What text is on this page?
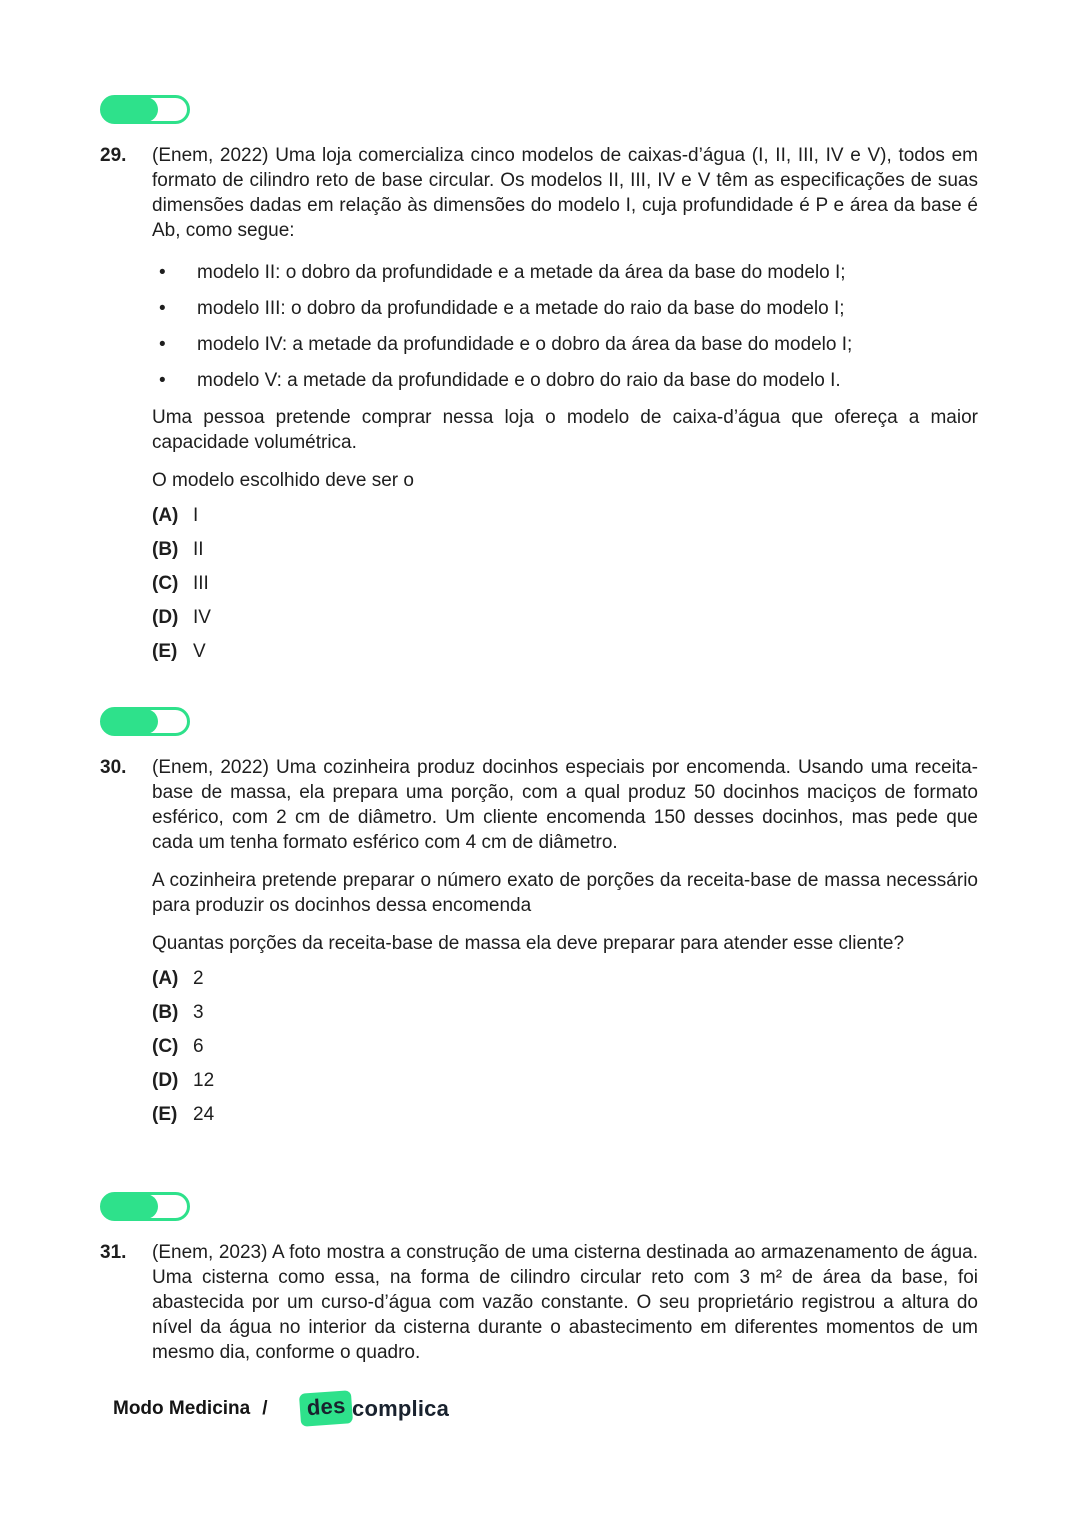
29.	(Enem, 2022) Uma loja comercializa cinco modelos de caixas-d’água (I, II, III, IV e V), todos em formato de cilindro reto de base circular. Os modelos II, III, IV e V têm as especificações de suas dimensões dadas em relação às dimensões do modelo I, cuja profundidade é P e área da base é Ab, como segue:

•	modelo II: o dobro da profundidade e a metade da área da base do modelo I;
•	modelo III: o dobro da profundidade e a metade do raio da base do modelo I;
•	modelo IV: a metade da profundidade e o dobro da área da base do modelo I;
•	modelo V: a metade da profundidade e o dobro do raio da base do modelo I.

Uma pessoa pretende comprar nessa loja o modelo de caixa-d’água que ofereça a maior capacidade volumétrica.

O modelo escolhido deve ser o

(A) I
(B) II
(C) III
(D) IV
(E) V
30.	(Enem, 2022) Uma cozinheira produz docinhos especiais por encomenda. Usando uma receita-base de massa, ela prepara uma porção, com a qual produz 50 docinhos maciços de formato esférico, com 2 cm de diâmetro. Um cliente encomenda 150 desses docinhos, mas pede que cada um tenha formato esférico com 4 cm de diâmetro.

A cozinheira pretende preparar o número exato de porções da receita-base de massa necessário para produzir os docinhos dessa encomenda

Quantas porções da receita-base de massa ela deve preparar para atender esse cliente?

(A) 2
(B) 3
(C) 6
(D) 12
(E) 24
31.	(Enem, 2023) A foto mostra a construção de uma cisterna destinada ao armazenamento de água. Uma cisterna como essa, na forma de cilindro circular reto com 3 m² de área da base, foi abastecida por um curso-d’água com vazão constante. O seu proprietário registrou a altura do nível da água no interior da cisterna durante o abastecimento em diferentes momentos de um mesmo dia, conforme o quadro.

Modo Medicina /	des complica
